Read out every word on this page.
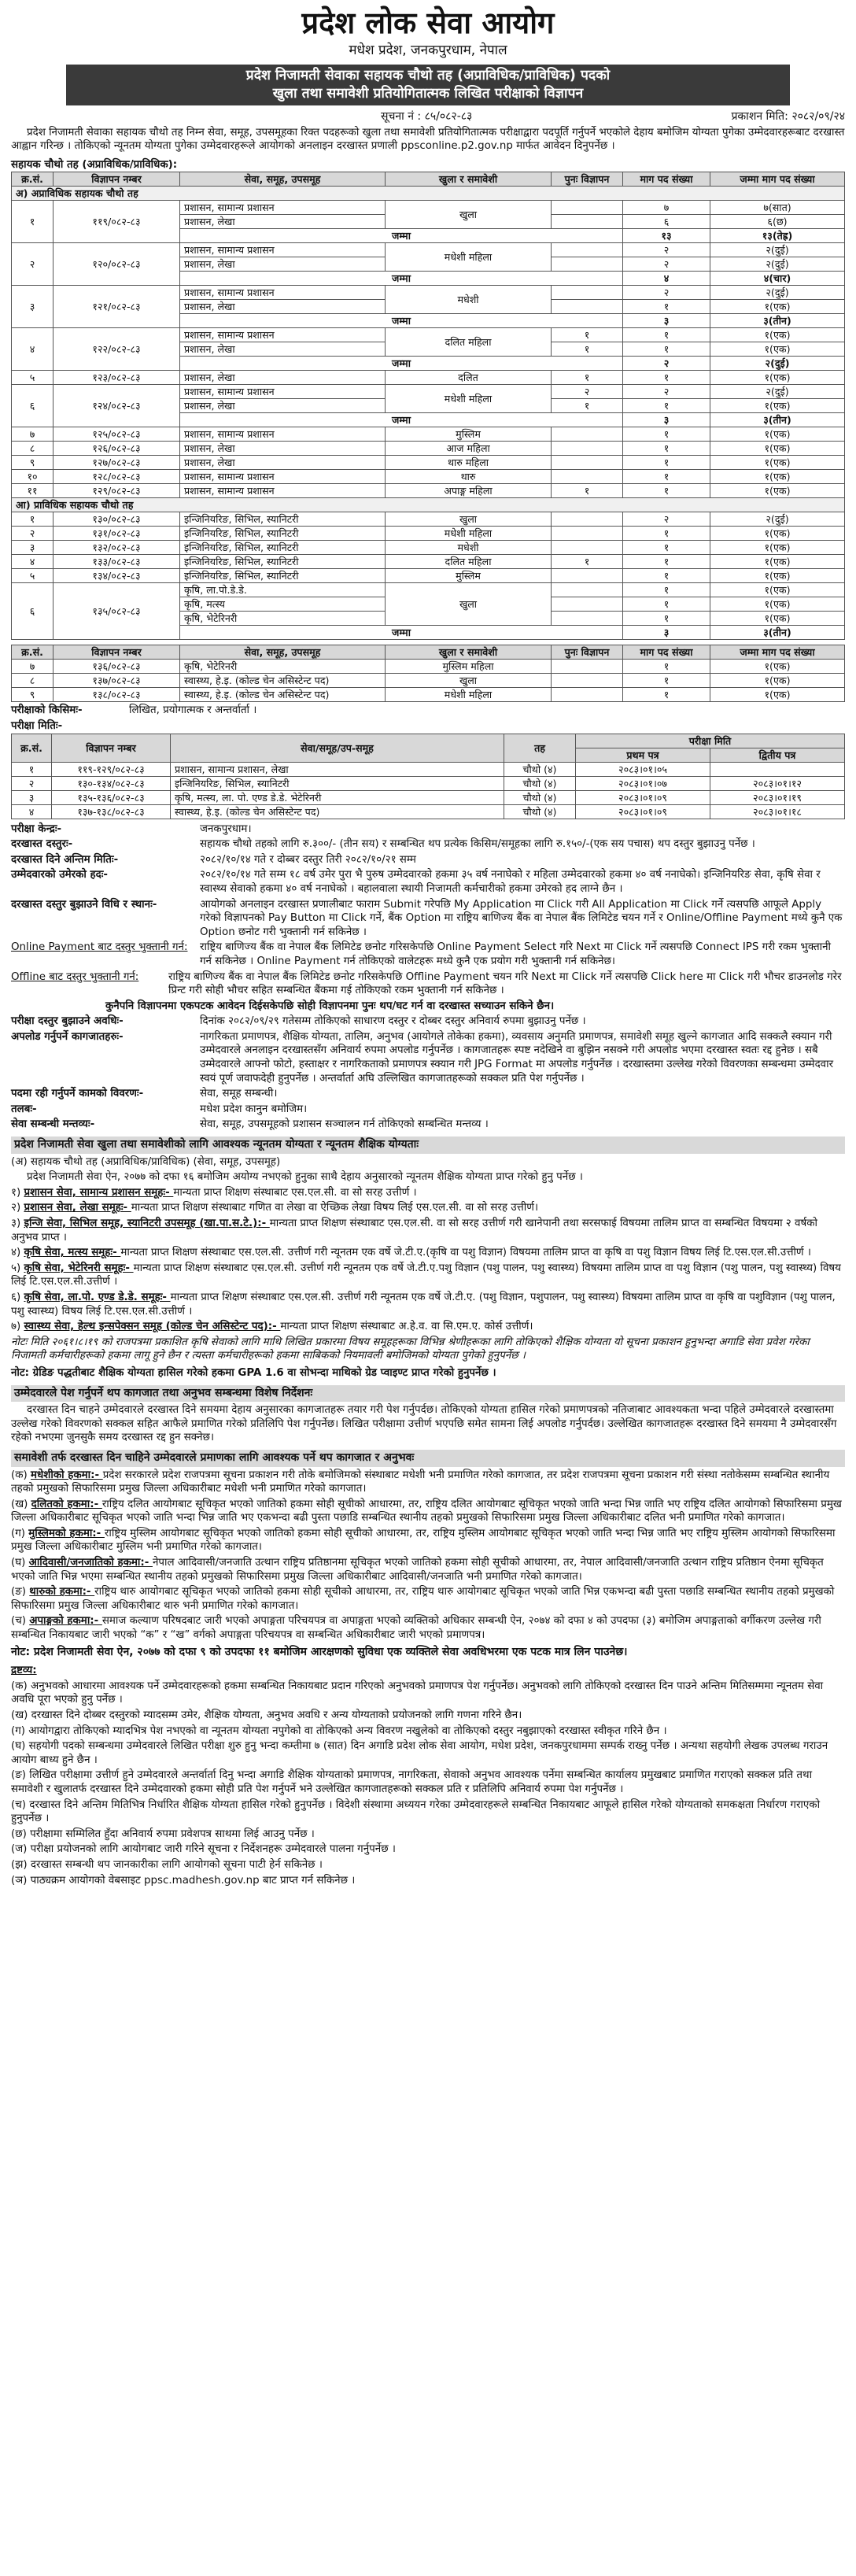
प्रदेश लोक सेवा आयोग
मधेश प्रदेश, जनकपुरधाम, नेपाल
प्रदेश निजामती सेवाका सहायक चौथो तह (अप्राविधिक/प्राविधिक) पदको
खुला तथा समावेशी प्रतियोगितात्मक लिखित परीक्षाको विज्ञापन
सूचना नं : ८५/०८२-८३	प्रकाशन मिति: २०८२/०९/२४

प्रदेश निजामती सेवाका सहायक चौथो तह निम्न सेवा, समूह, उपसमूहका रिक्त पदहरूको खुला तथा समावेशी प्रतियोगितात्मक परीक्षाद्वारा पदपूर्ति गर्नुपर्ने भएकोले देहाय बमोजिम योग्यता पुगेका उम्मेदवारहरूबाट दरखास्त आह्वान गरिन्छ । तोकिएको न्यूनतम योग्यता पुगेका उम्मेदवारहरूले आयोगको अनलाइन दरखास्त प्रणाली ppsconline.p2.gov.np मार्फत आवेदन दिनुपर्नेछ ।

सहायक चौथो तह (अप्राविधिक/प्राविधिक):
क्र.सं.	विज्ञापन नम्बर	सेवा, समूह, उपसमूह	खुला र समावेशी	पुनः विज्ञापन	माग पद संख्या	जम्मा माग पद संख्या
अ) अप्राविधिक सहायक चौथो तह						
१	११९/०८२-८३	प्रशासन, सामान्य प्रशासन	खुला		७	७(सात)
		प्रशासन, लेखा			६	६(छ)
		जम्मा			१३	१३(तेह्र)
२	१२०/०८२-८३	प्रशासन, सामान्य प्रशासन	मधेशी महिला		२	२(दुई)
		प्रशासन, लेखा			२	२(दुई)
		जम्मा			४	४(चार)
३	१२१/०८२-८३	प्रशासन, सामान्य प्रशासन	मधेशी		२	२(दुई)
		प्रशासन, लेखा			१	१(एक)
		जम्मा			३	३(तीन)
४	१२२/०८२-८३	प्रशासन, सामान्य प्रशासन	दलित महिला	१	१	१(एक)
		प्रशासन, लेखा		१	१	१(एक)
		जम्मा			२	२(दुई)
५	१२३/०८२-८३	प्रशासन, लेखा	दलित	१	१	१(एक)
६	१२४/०८२-८३	प्रशासन, सामान्य प्रशासन	मधेशी महिला	२	२	२(दुई)
		प्रशासन, लेखा		१	१	१(एक)
		जम्मा			३	३(तीन)
७	१२५/०८२-८३	प्रशासन, सामान्य प्रशासन	मुस्लिम		१	१(एक)
८	१२६/०८२-८३	प्रशासन, लेखा	आज महिला		१	१(एक)
९	१२७/०८२-८३	प्रशासन, लेखा	थारु महिला		१	१(एक)
१०	१२८/०८२-८३	प्रशासन, सामान्य प्रशासन	थारु		१	१(एक)
११	१२९/०८२-८३	प्रशासन, सामान्य प्रशासन	अपाङ्ग महिला	१	१	१(एक)
आ) प्राविधिक सहायक चौथो तह						
१	१३०/०८२-८३	इन्जिनियरिङ, सिभिल, स्यानिटरी	खुला		२	२(दुई)
२	१३१/०८२-८३	इन्जिनियरिङ, सिभिल, स्यानिटरी	मधेशी महिला		१	१(एक)
३	१३२/०८२-८३	इन्जिनियरिङ, सिभिल, स्यानिटरी	मधेशी		१	१(एक)
४	१३३/०८२-८३	इन्जिनियरिङ, सिभिल, स्यानिटरी	दलित महिला	१	१	१(एक)
५	१३४/०८२-८३	इन्जिनियरिङ, सिभिल, स्यानिटरी	मुस्लिम		१	१(एक)
६	१३५/०८२-८३	कृषि, ला.पो.डे.डे.	खुला		१	१(एक)
		कृषि, मत्स्य			१	१(एक)
		कृषि, भेटेरिनरी			१	१(एक)
		जम्मा			३	३(तीन)
क्र.सं.	विज्ञापन नम्बर	सेवा, समूह, उपसमूह	खुला र समावेशी	पुनः विज्ञापन	माग पद संख्या	जम्मा माग पद संख्या
७	१३६/०८२-८३	कृषि, भेटेरिनरी	मुस्लिम महिला		१	१(एक)
८	१३७/०८२-८३	स्वास्थ्य, हे.इ. (कोल्ड चेन असिस्टेन्ट पद)	खुला		१	१(एक)
९	१३८/०८२-८३	स्वास्थ्य, हे.इ. (कोल्ड चेन असिस्टेन्ट पद)	मधेशी महिला		१	१(एक)
परीक्षाको किसिमः-	लिखित, प्रयोगात्मक र अन्तर्वार्ता ।
परीक्षा मितिः-
क्र.सं.	विज्ञापन नम्बर	सेवा/समूह/उप-समूह	तह	परीक्षा मिति	
				प्रथम पत्र	द्वितीय पत्र
१	११९-१२९/०८२-८३	प्रशासन, सामान्य प्रशासन, लेखा	चौथो (४)	२०८३।०१।०५	
२	१३०-१३४/०८२-८३	इन्जिनियरिङ, सिभिल, स्यानिटरी	चौथो (४)	२०८३।०१।०७	२०८३।०१।१२
३	१३५-१३६/०८२-८३	कृषि, मत्स्य, ला. पो. एण्ड डे.डे. भेटेरिनरी	चौथो (४)	२०८३।०१।०९	२०८३।०१।१९
४	१३७-१३८/०८२-८३	स्वास्थ्य, हे.इ. (कोल्ड चेन असिस्टेन्ट पद)	चौथो (४)	२०८३।०१।०९	२०८३।०१।१८
परीक्षा केन्द्रः-	जनकपुरधाम।
दरखास्त दस्तुरः-	सहायक चौथो तहको लागि रु.३००/- (तीन सय) र सम्बन्धित थप प्रत्येक किसिम/समूहका लागि रु.१५०/-(एक सय पचास) थप दस्तुर बुझाउनु पर्नेछ ।
दरखास्त दिने अन्तिम मितिः-	२०८२/१०/१४ गते र दोब्बर दस्तुर तिरी २०८२/१०/२१ सम्म
उम्मेदवारको उमेरको हदः-	२०८२/१०/१४ गते सम्म १८ वर्ष उमेर पुरा भै पुरुष उम्मेदवारको हकमा ३५ वर्ष ननाघेको र महिला उम्मेदवारको हकमा ४० वर्ष ननाघेको। इन्जिनियरिङ सेवा, कृषि सेवा र स्वास्थ्य सेवाको हकमा ४० वर्ष ननाघेको । बहालवाला स्थायी निजामती कर्मचारीको हकमा उमेरको हद लाग्ने छैन ।
दरखास्त दस्तुर बुझाउने विधि र स्थानः-	आयोगको अनलाइन दरखास्त प्रणालीबाट फाराम Submit गरेपछि My Application मा Click गरी All Application मा Click गर्ने त्यसपछि आफूले Apply गरेको विज्ञापनको Pay Button मा Click गर्ने, बैंक Option मा राष्ट्रिय बाणिज्य बैंक वा नेपाल बैंक लिमिटेड चयन गर्ने र Online/Offline Payment मध्ये कुनै एक Option छनोट गरी भुक्तानी गर्न सकिनेछ ।
Online Payment बाट दस्तुर भुक्तानी गर्न:	राष्ट्रिय बाणिज्य बैंक वा नेपाल बैंक लिमिटेड छनोट गरिसकेपछि Online Payment Select गरि Next मा Click गर्ने त्यसपछि Connect IPS गरी रकम भुक्तानी गर्न सकिनेछ । Online Payment गर्न तोकिएको वालेटहरू मध्ये कुनै एक प्रयोग गरी भुक्तानी गर्न सकिनेछ।
Offline बाट दस्तुर भुक्तानी गर्न:	राष्ट्रिय बाणिज्य बैंक वा नेपाल बैंक लिमिटेड छनोट गरिसकेपछि Offline Payment चयन गरि Next मा Click गर्ने त्यसपछि Click here मा Click गरी भौचर डाउनलोड गरेर प्रिन्ट गरी सोही भौचर सहित सम्बन्धित बैंकमा गई तोकिएको रकम भुक्तानी गर्न सकिनेछ ।

कुनैपनि विज्ञापनमा एकपटक आवेदन दिईसकेपछि सोही विज्ञापनमा पुनः थप/घट गर्न वा दरखास्त सच्याउन सकिने छैन।

परीक्षा दस्तुर बुझाउने अवधिः-	दिनांक २०८२/०९/२९ गतेसम्म तोकिएको साधारण दस्तुर र दोब्बर दस्तुर अनिवार्य रुपमा बुझाउनु पर्नेछ ।
अपलोड गर्नुपर्ने कागजातहरुः-	नागरिकता प्रमाणपत्र, शैक्षिक योग्यता, तालिम, अनुभव (आयोगले तोकेका हकमा), व्यवसाय अनुमति प्रमाणपत्र, समावेशी समूह खुल्ने कागजात आदि सक्कलै स्क्यान गरी उम्मेदवारले अनलाइन दरखास्तसँग अनिवार्य रुपमा अपलोड गर्नुपर्नेछ । कागजातहरू स्पष्ट नदेखिने वा बुझिन नसक्ने गरी अपलोड भएमा दरखास्त स्वतः रद्द हुनेछ । सबै उम्मेदवारले आफ्नो फोटो, हस्ताक्षर र नागरिकताको प्रमाणपत्र स्क्यान गरी JPG Format मा अपलोड गर्नुपर्नेछ । दरखास्तमा उल्लेख गरेको विवरणका सम्बन्धमा उम्मेदवार स्वयं पूर्ण जवाफदेही हुनुपर्नेछ । अन्तर्वार्ता अघि उल्लिखित कागजातहरूको सक्कल प्रति पेश गर्नुपर्नेछ ।
पदमा रही गर्नुपर्ने कामको विवरणः-	सेवा, समूह सम्बन्धी।
तलबः-	मधेश प्रदेश कानुन बमोजिम।
सेवा सम्बन्धी मन्तव्यः-	सेवा, समूह, उपसमूहको प्रशासन सञ्चालन गर्न तोकिएको सम्बन्धित मन्तव्य ।
प्रदेश निजामती सेवा खुला तथा समावेशीको लागि आवश्यक न्यूनतम योग्यता र न्यूनतम शैक्षिक योग्यताः

(अ) सहायक चौथो तह (अप्राविधिक/प्राविधिक) (सेवा, समूह, उपसमूह)

प्रदेश निजामती सेवा ऐन, २०७७ को दफा १६ बमोजिम अयोग्य नभएको हुनुका साथै देहाय अनुसारको न्यूनतम शैक्षिक योग्यता प्राप्त गरेको हुनु पर्नेछ ।

१) प्रशासन सेवा, सामान्य प्रशासन समूहः- मान्यता प्राप्त शिक्षण संस्थाबाट एस.एल.सी. वा सो सरह उत्तीर्ण ।
२) प्रशासन सेवा, लेखा समूहः- मान्यता प्राप्त शिक्षण संस्थाबाट गणित वा लेखा वा ऐच्छिक लेखा विषय लिई एस.एल.सी. वा सो सरह उत्तीर्ण।
३) इन्जि सेवा, सिभिल समूह, स्यानिटरी उपसमूह (खा.पा.स.टे.):- मान्यता प्राप्त शिक्षण संस्थाबाट एस.एल.सी. वा सो सरह उत्तीर्ण गरी खानेपानी तथा सरसफाई विषयमा तालिम प्राप्त वा सम्बन्धित विषयमा २ वर्षको अनुभव प्राप्त ।
४) कृषि सेवा, मत्स्य समूहः- मान्यता प्राप्त शिक्षण संस्थाबाट एस.एल.सी. उत्तीर्ण गरी न्यूनतम एक वर्षे जे.टी.ए.(कृषि वा पशु विज्ञान) विषयमा तालिम प्राप्त वा कृषि वा पशु विज्ञान विषय लिई टि.एस.एल.सी.उत्तीर्ण ।
५) कृषि सेवा, भेटेरिनरी समूहः- मान्यता प्राप्त शिक्षण संस्थाबाट एस.एल.सी. उत्तीर्ण गरी न्यूनतम एक वर्षे जे.टी.ए.पशु विज्ञान (पशु पालन, पशु स्वास्थ्य) विषयमा तालिम प्राप्त वा पशु विज्ञान (पशु पालन, पशु स्वास्थ्य) विषय लिई टि.एस.एल.सी.उत्तीर्ण ।
६) कृषि सेवा, ला.पो. एण्ड डे.डे. समूहः- मान्यता प्राप्त शिक्षण संस्थाबाट एस.एल.सी. उत्तीर्ण गरी न्यूनतम एक वर्षे जे.टी.ए. (पशु विज्ञान, पशुपालन, पशु स्वास्थ्य) विषयमा तालिम प्राप्त वा कृषि वा पशुविज्ञान (पशु पालन, पशु स्वास्थ्य) विषय लिई टि.एस.एल.सी.उत्तीर्ण ।
७) स्वास्थ्य सेवा, हेल्थ इन्सपेक्सन समूह (कोल्ड चेन असिस्टेन्ट पद):- मान्यता प्राप्त शिक्षण संस्थाबाट अ.हे.व. वा सि.एम.ए. कोर्स उत्तीर्ण।

नोटः मिति २०६१।८।१९ को राजपत्रमा प्रकाशित कृषि सेवाको लागि माथि लिखित प्रकारमा विषय समूहहरूका विभिन्न श्रेणीहरूका लागि तोकिएको शैक्षिक योग्यता यो सूचना प्रकाशन हुनुभन्दा अगाडि सेवा प्रवेश गरेका निजामती कर्मचारीहरूको हकमा लागू हुने छैन र त्यस्ता कर्मचारीहरूको हकमा साबिकको नियमावली बमोजिमको योग्यता पुगेको हुनुपर्नेछ ।

नोट: ग्रेडिङ पद्धतीबाट शैक्षिक योग्यता हासिल गरेको हकमा GPA 1.6 वा सोभन्दा माथिको ग्रेड प्वाइण्ट प्राप्त गरेको हुनुपर्नेछ ।

उम्मेदवारले पेश गर्नुपर्ने थप कागजात तथा अनुभव सम्बन्धमा विशेष निर्देशनः

दरखास्त दिन चाहने उम्मेदवारले दरखास्त दिने समयमा देहाय अनुसारका कागजातहरू तयार गरी पेश गर्नुपर्दछ। तोकिएको योग्यता हासिल गरेको प्रमाणपत्रको नतिजाबाट आवश्यकता भन्दा पहिले उम्मेदवारले दरखास्तमा उल्लेख गरेको विवरणको सक्कल सहित आफैले प्रमाणित गरेको प्रतिलिपि पेश गर्नुपर्नेछ। लिखित परीक्षामा उत्तीर्ण भएपछि समेत सामना लिई अपलोड गर्नुपर्दछ। उल्लेखित कागजातहरू दरखास्त दिने समयमा नै उम्मेदवारसँग रहेको नभएमा जुनसुकै समय दरखास्त रद्द हुन सक्नेछ।

समावेशी तर्फ दरखास्त दिन चाहिने उम्मेदवारले प्रमाणका लागि आवश्यक पर्ने थप कागजात र अनुभवः
(क) मधेशीको हकमा:- प्रदेश सरकारले प्रदेश राजपत्रमा सूचना प्रकाशन गरी तोके बमोजिमको संस्थाबाट मधेशी भनी प्रमाणित गरेको कागजात, तर प्रदेश राजपत्रमा सूचना प्रकाशन गरी संस्था नतोकेसम्म सम्बन्धित स्थानीय तहको प्रमुखको सिफारिसमा प्रमुख जिल्ला अधिकारीबाट मधेशी भनी प्रमाणित गरेको कागजात।
(ख) दलितको हकमा:- राष्ट्रिय दलित आयोगबाट सूचिकृत भएको जातिको हकमा सोही सूचीको आधारमा, तर, राष्ट्रिय दलित आयोगबाट सूचिकृत भएको जाति भन्दा भिन्न जाति भए राष्ट्रिय दलित आयोगको सिफारिसमा प्रमुख जिल्ला अधिकारीबाट सूचिकृत भएको जाति भन्दा भिन्न जाति भए एकभन्दा बढी पुस्ता पछाडि सम्बन्धित स्थानीय तहको प्रमुखको सिफारिसमा प्रमुख जिल्ला अधिकारीबाट दलित भनी प्रमाणित गरेको कागजात।
(ग) मुस्लिमको हकमा:- राष्ट्रिय मुस्लिम आयोगबाट सूचिकृत भएको जातिको हकमा सोही सूचीको आधारमा, तर, राष्ट्रिय मुस्लिम आयोगबाट सूचिकृत भएको जाति भन्दा भिन्न जाति भए राष्ट्रिय मुस्लिम आयोगको सिफारिसमा प्रमुख जिल्ला अधिकारीबाट मुस्लिम भनी प्रमाणित गरेको कागजात।
(घ) आदिवासी/जनजातिको हकमा:- नेपाल आदिवासी/जनजाति उत्थान राष्ट्रिय प्रतिष्ठानमा सूचिकृत भएको जातिको हकमा सोही सूचीको आधारमा, तर, नेपाल आदिवासी/जनजाति उत्थान राष्ट्रिय प्रतिष्ठान ऐनमा सूचिकृत भएको जाति भिन्न भएमा सम्बन्धित स्थानीय तहको प्रमुखको सिफारिसमा प्रमुख जिल्ला अधिकारीबाट आदिवासी/जनजाति भनी प्रमाणित गरेको कागजात।
(ङ) थारुको हकमा:- राष्ट्रिय थारु आयोगबाट सूचिकृत भएको जातिको हकमा सोही सूचीको आधारमा, तर, राष्ट्रिय थारु आयोगबाट सूचिकृत भएको जाति भिन्न एकभन्दा बढी पुस्ता पछाडि सम्बन्धित स्थानीय तहको प्रमुखको सिफारिसमा प्रमुख जिल्ला अधिकारीबाट थारु भनी प्रमाणित गरेको कागजात।
(च) अपाङ्गको हकमा:- समाज कल्याण परिषदबाट जारी भएको अपाङ्गता परिचयपत्र वा अपाङ्गता भएको व्यक्तिको अधिकार सम्बन्धी ऐन, २०७४ को दफा ४ को उपदफा (३) बमोजिम अपाङ्गताको वर्गीकरण उल्लेख गरी सम्बन्धित निकायबाट जारी भएको “क” र “ख” वर्गको अपाङ्गता परिचयपत्र वा सम्बन्धित अधिकारीबाट जारी भएको प्रमाणपत्र।

नोट: प्रदेश निजामती सेवा ऐन, २०७७ को दफा ९ को उपदफा ११ बमोजिम आरक्षणको सुविधा एक व्यक्तिले सेवा अवधिभरमा एक पटक मात्र लिन पाउनेछ।

द्रष्टव्य:
(क) अनुभवको आधारमा आवश्यक पर्ने उम्मेदवारहरूको हकमा सम्बन्धित निकायबाट प्रदान गरिएको अनुभवको प्रमाणपत्र पेश गर्नुपर्नेछ। अनुभवको लागि तोकिएको दरखास्त दिन पाउने अन्तिम मितिसम्ममा न्यूनतम सेवा अवधि पूरा भएको हुनु पर्नेछ ।
(ख) दरखास्त दिने दोब्बर दस्तुरको म्यादसम्म उमेर, शैक्षिक योग्यता, अनुभव अवधि र अन्य योग्यताको प्रयोजनको लागि गणना गरिने छैन।
(ग) आयोगद्वारा तोकिएको म्यादभित्र पेश नभएको वा न्यूनतम योग्यता नपुगेको वा तोकिएको अन्य विवरण नखुलेको वा तोकिएको दस्तुर नबुझाएको दरखास्त स्वीकृत गरिने छैन ।
(घ) सहयोगी पदको सम्बन्धमा उम्मेदवारले लिखित परीक्षा शुरु हुनु भन्दा कम्तीमा ७ (सात) दिन अगाडि प्रदेश लोक सेवा आयोग, मधेश प्रदेश, जनकपुरधाममा सम्पर्क राख्नु पर्नेछ । अन्यथा सहयोगी लेखक उपलब्ध गराउन आयोग बाध्य हुने छैन ।
(ङ) लिखित परीक्षामा उत्तीर्ण हुने उम्मेदवारले अन्तर्वार्ता दिनु भन्दा अगाडि शैक्षिक योग्यताको प्रमाणपत्र, नागरिकता, सेवाको अनुभव आवश्यक पर्नेमा सम्बन्धित कार्यालय प्रमुखबाट प्रमाणित गराएको सक्कल प्रति तथा समावेशी र खुलातर्फ दरखास्त दिने उम्मेदवारको हकमा सोही प्रति पेश गर्नुपर्ने भने उल्लेखित कागजातहरूको सक्कल प्रति र प्रतिलिपि अनिवार्य रुपमा पेश गर्नुपर्नेछ ।
(च) दरखास्त दिने अन्तिम मितिभित्र निर्धारित शैक्षिक योग्यता हासिल गरेको हुनुपर्नेछ । विदेशी संस्थामा अध्ययन गरेका उम्मेदवारहरूले सम्बन्धित निकायबाट आफूले हासिल गरेको योग्यताको समकक्षता निर्धारण गराएको हुनुपर्नेछ ।
(छ) परीक्षामा सम्मिलित हुँदा अनिवार्य रुपमा प्रवेशपत्र साथमा लिई आउनु पर्नेछ ।
(ज) परीक्षा प्रयोजनको लागि आयोगबाट जारी गरिने सूचना र निर्देशनहरू उम्मेदवारले पालना गर्नुपर्नेछ ।
(झ) दरखास्त सम्बन्धी थप जानकारीका लागि आयोगको सूचना पाटी हेर्न सकिनेछ ।
(ञ) पाठ्यक्रम आयोगको वेबसाइट ppsc.madhesh.gov.np बाट प्राप्त गर्न सकिनेछ ।
